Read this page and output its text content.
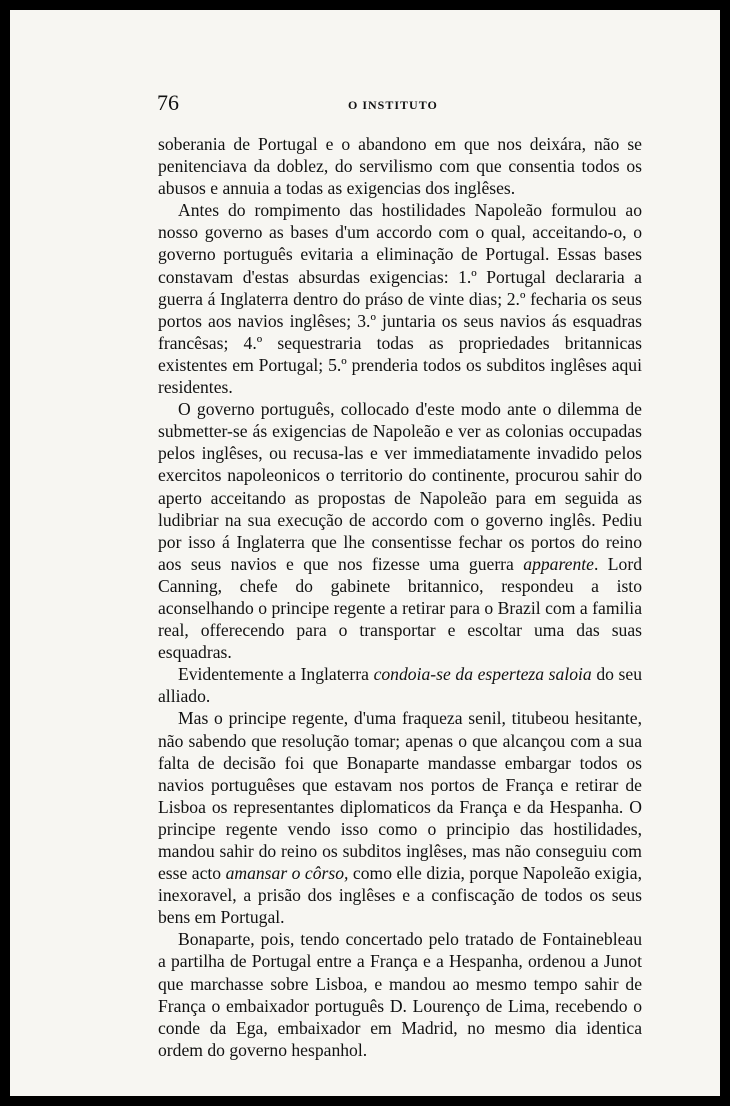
76	O INSTITUTO

soberania de Portugal e o abandono em que nos deixára, não se penitenciava da doblez, do servilismo com que consentia todos os abusos e annuia a todas as exigencias dos inglêses.

Antes do rompimento das hostilidades Napoleão formulou ao nosso governo as bases d'um accordo com o qual, acceitando-o, o governo português evitaria a eliminação de Portugal. Essas bases constavam d'estas absurdas exigencias: 1.º Portugal declararia a guerra á Inglaterra dentro do práso de vinte dias; 2.º fecharia os seus portos aos navios inglêses; 3.º juntaria os seus navios ás esquadras francêsas; 4.º sequestraria todas as propriedades britannicas existentes em Portugal; 5.º prenderia todos os subditos inglêses aqui residentes.

O governo português, collocado d'este modo ante o dilemma de submetter-se ás exigencias de Napoleão e ver as colonias occupadas pelos inglêses, ou recusa-las e ver immediatamente invadido pelos exercitos napoleonicos o territorio do continente, procurou sahir do aperto acceitando as propostas de Napoleão para em seguida as ludibriar na sua execução de accordo com o governo inglês. Pediu por isso á Inglaterra que lhe consentisse fechar os portos do reino aos seus navios e que nos fizesse uma guerra apparente. Lord Canning, chefe do gabinete britannico, respondeu a isto aconselhando o principe regente a retirar para o Brazil com a familia real, offerecendo para o transportar e escoltar uma das suas esquadras.

Evidentemente a Inglaterra condoia-se da esperteza saloia do seu alliado.

Mas o principe regente, d'uma fraqueza senil, titubeou hesitante, não sabendo que resolução tomar; apenas o que alcançou com a sua falta de decisão foi que Bonaparte mandasse embargar todos os navios portuguêses que estavam nos portos de França e retirar de Lisboa os representantes diplomaticos da França e da Hespanha. O principe regente vendo isso como o principio das hostilidades, mandou sahir do reino os subditos inglêses, mas não conseguiu com esse acto amansar o côrso, como elle dizia, porque Napoleão exigia, inexoravel, a prisão dos inglêses e a confiscação de todos os seus bens em Portugal.

Bonaparte, pois, tendo concertado pelo tratado de Fontainebleau a partilha de Portugal entre a França e a Hespanha, ordenou a Junot que marchasse sobre Lisboa, e mandou ao mesmo tempo sahir de França o embaixador português D. Lourenço de Lima, recebendo o conde da Ega, embaixador em Madrid, no mesmo dia identica ordem do governo hespanhol.
